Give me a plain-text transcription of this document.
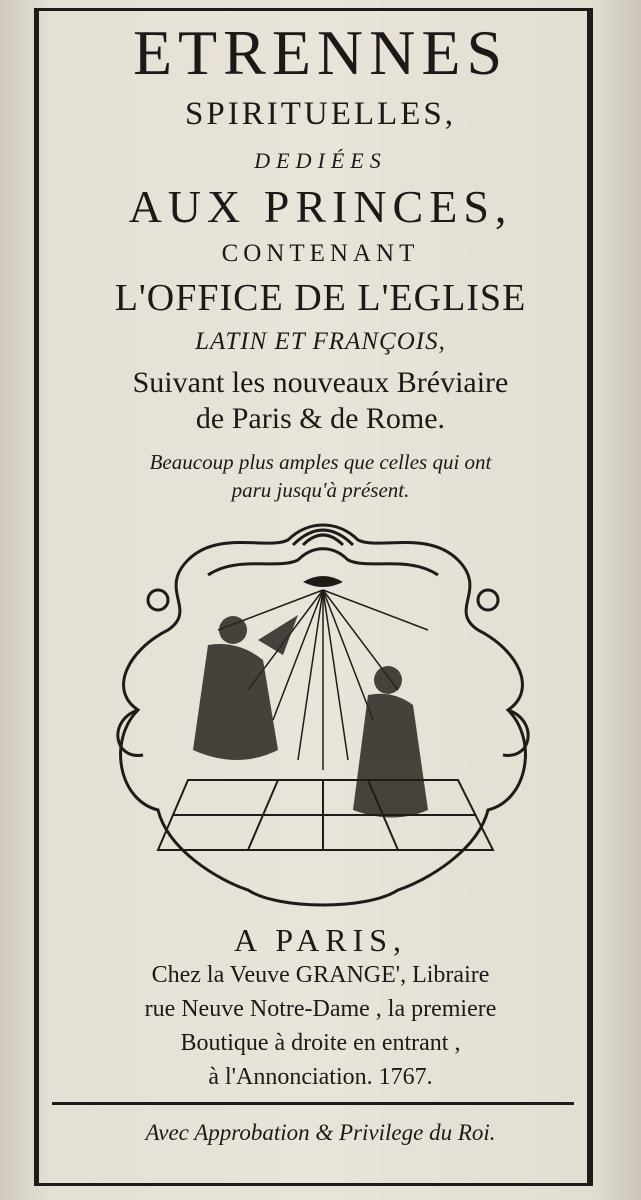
ETRENNES
SPIRITUELLES,
DEDIÉES
AUX PRINCES,
CONTENANT
L'OFFICE DE L'EGLISE
LATIN ET FRANÇOIS,
Suivant les nouveaux Bréviaire
de Paris & de Rome.
Beaucoup plus amples que celles qui ont
paru jusqu'à présent.
A PARIS,
Chez la Veuve GRANGE', Libraire
rue Neuve Notre-Dame , la premiere
Boutique à droite en entrant ,
à l'Annonciation. 1767.
Avec Approbation & Privilege du Roi.
